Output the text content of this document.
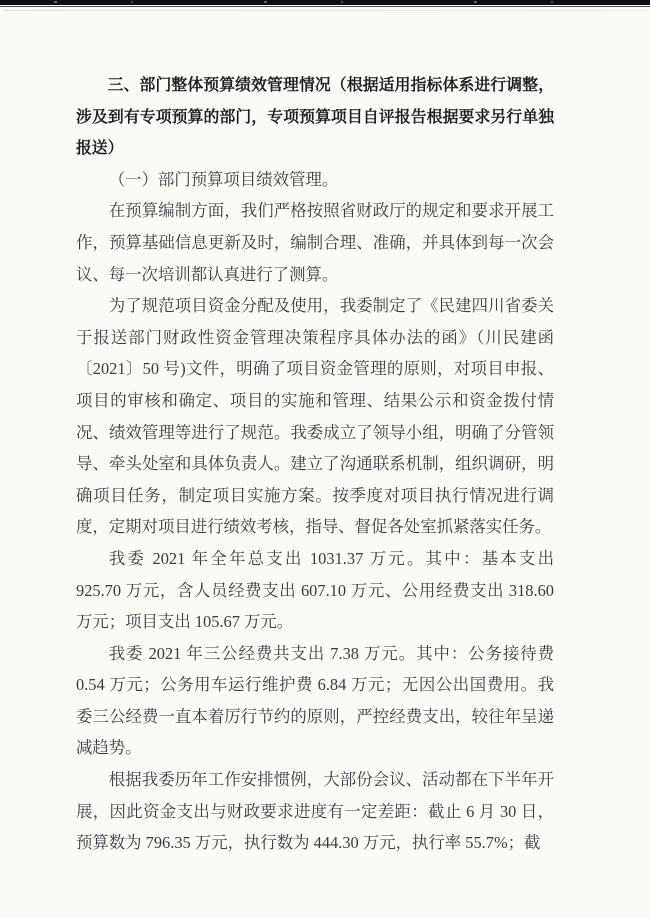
三、部门整体预算绩效管理情况（根据适用指标体系进行调整，涉及到有专项预算的部门，专项预算项目自评报告根据要求另行单独报送）

（一）部门预算项目绩效管理。

在预算编制方面，我们严格按照省财政厅的规定和要求开展工作，预算基础信息更新及时，编制合理、准确，并具体到每一次会议、每一次培训都认真进行了测算。

为了规范项目资金分配及使用，我委制定了《民建四川省委关于报送部门财政性资金管理决策程序具体办法的函》（川民建函〔2021〕50 号)文件，明确了项目资金管理的原则，对项目申报、项目的审核和确定、项目的实施和管理、结果公示和资金拨付情况、绩效管理等进行了规范。我委成立了领导小组，明确了分管领导、牵头处室和具体负责人。建立了沟通联系机制，组织调研，明确项目任务，制定项目实施方案。按季度对项目执行情况进行调度，定期对项目进行绩效考核，指导、督促各处室抓紧落实任务。

我委 2021 年全年总支出 1031.37 万元。其中：基本支出 925.70 万元，含人员经费支出 607.10 万元、公用经费支出 318.60 万元；项目支出 105.67 万元。

我委 2021 年三公经费共支出 7.38 万元。其中：公务接待费 0.54 万元；公务用车运行维护费 6.84 万元；无因公出国费用。我委三公经费一直本着厉行节约的原则，严控经费支出，较往年呈递减趋势。

根据我委历年工作安排惯例，大部份会议、活动都在下半年开展，因此资金支出与财政要求进度有一定差距：截止 6 月 30 日，预算数为 796.35 万元，执行数为 444.30 万元，执行率 55.7%；截
